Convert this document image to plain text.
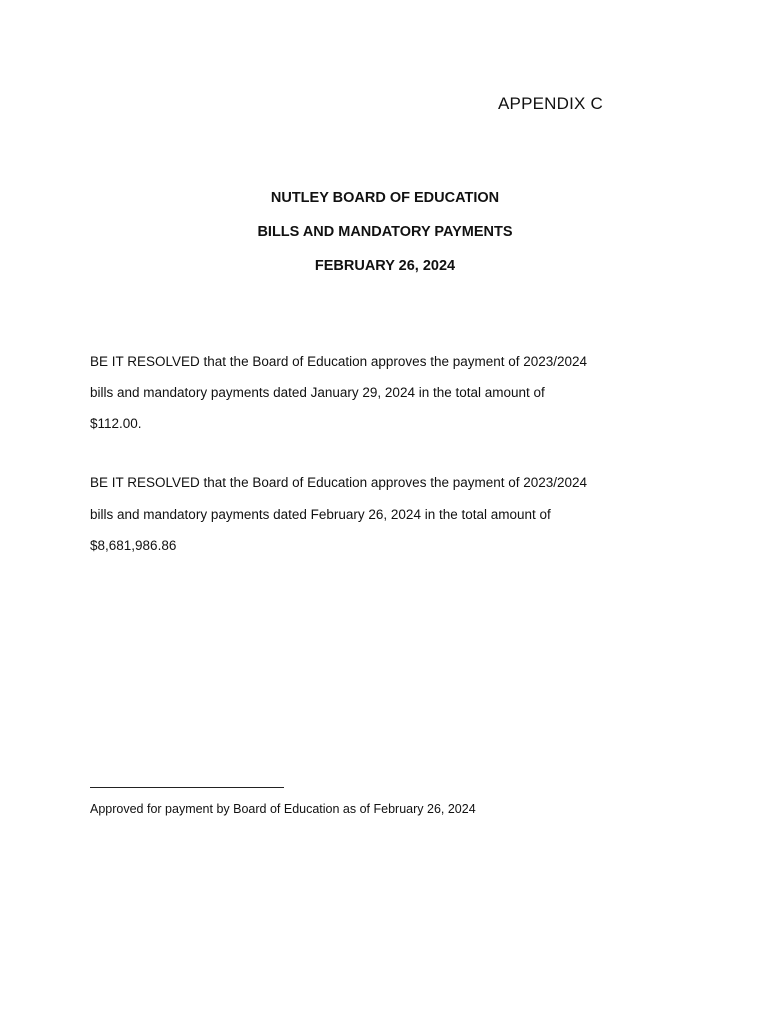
APPENDIX C
NUTLEY BOARD OF EDUCATION
BILLS AND MANDATORY PAYMENTS
FEBRUARY 26, 2024
BE IT RESOLVED that the Board of Education approves the payment of 2023/2024
bills and mandatory payments dated January 29, 2024 in the total amount of
$112.00.
BE IT RESOLVED that the Board of Education approves the payment of 2023/2024
bills and mandatory payments dated February 26, 2024 in the total amount of
$8,681,986.86
Approved for payment by Board of Education as of February 26, 2024
